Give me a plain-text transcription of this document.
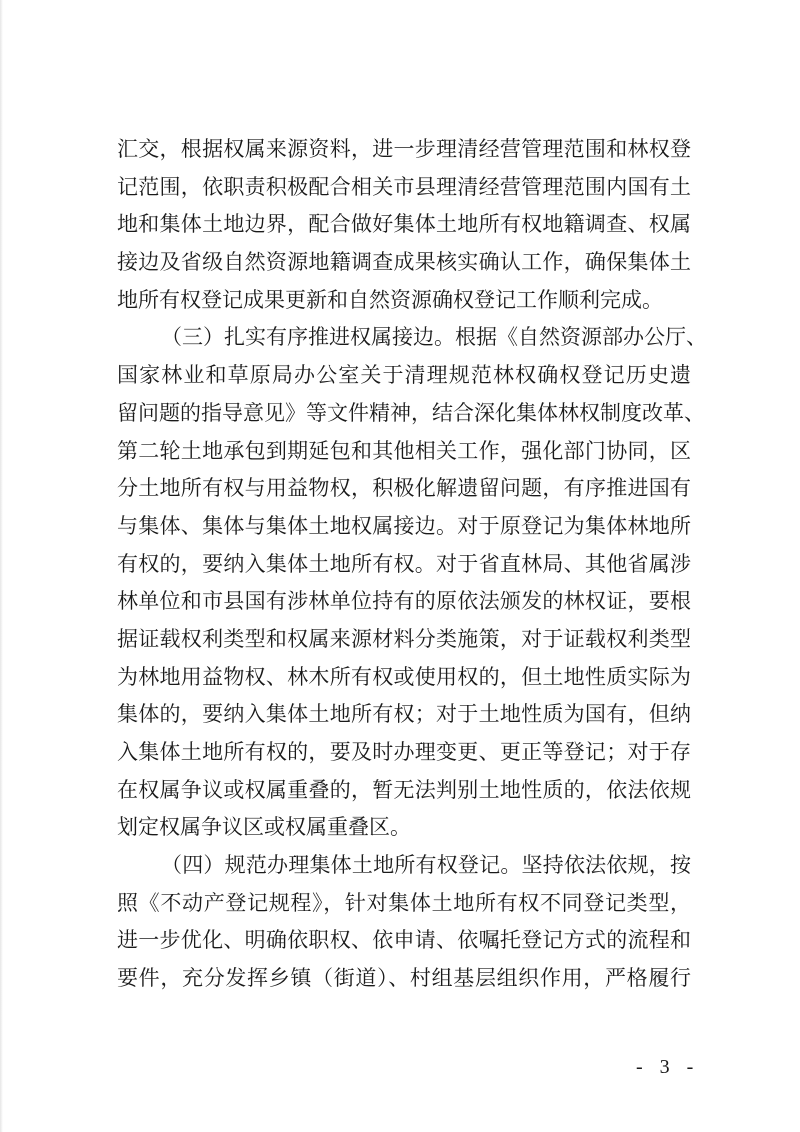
汇交，根据权属来源资料，进一步理清经营管理范围和林权登
记范围，依职责积极配合相关市县理清经营管理范围内国有土
地和集体土地边界，配合做好集体土地所有权地籍调查、权属
接边及省级自然资源地籍调查成果核实确认工作，确保集体土
地所有权登记成果更新和自然资源确权登记工作顺利完成。
（三）扎实有序推进权属接边。根据《自然资源部办公厅、
国家林业和草原局办公室关于清理规范林权确权登记历史遗
留问题的指导意见》等文件精神，结合深化集体林权制度改革、
第二轮土地承包到期延包和其他相关工作，强化部门协同，区
分土地所有权与用益物权，积极化解遗留问题，有序推进国有
与集体、集体与集体土地权属接边。对于原登记为集体林地所
有权的，要纳入集体土地所有权。对于省直林局、其他省属涉
林单位和市县国有涉林单位持有的原依法颁发的林权证，要根
据证载权利类型和权属来源材料分类施策，对于证载权利类型
为林地用益物权、林木所有权或使用权的，但土地性质实际为
集体的，要纳入集体土地所有权；对于土地性质为国有，但纳
入集体土地所有权的，要及时办理变更、更正等登记；对于存
在权属争议或权属重叠的，暂无法判别土地性质的，依法依规
划定权属争议区或权属重叠区。
（四）规范办理集体土地所有权登记。坚持依法依规，按
照《不动产登记规程》，针对集体土地所有权不同登记类型，
进一步优化、明确依职权、依申请、依嘱托登记方式的流程和
要件，充分发挥乡镇（街道）、村组基层组织作用，严格履行
- 3 -
